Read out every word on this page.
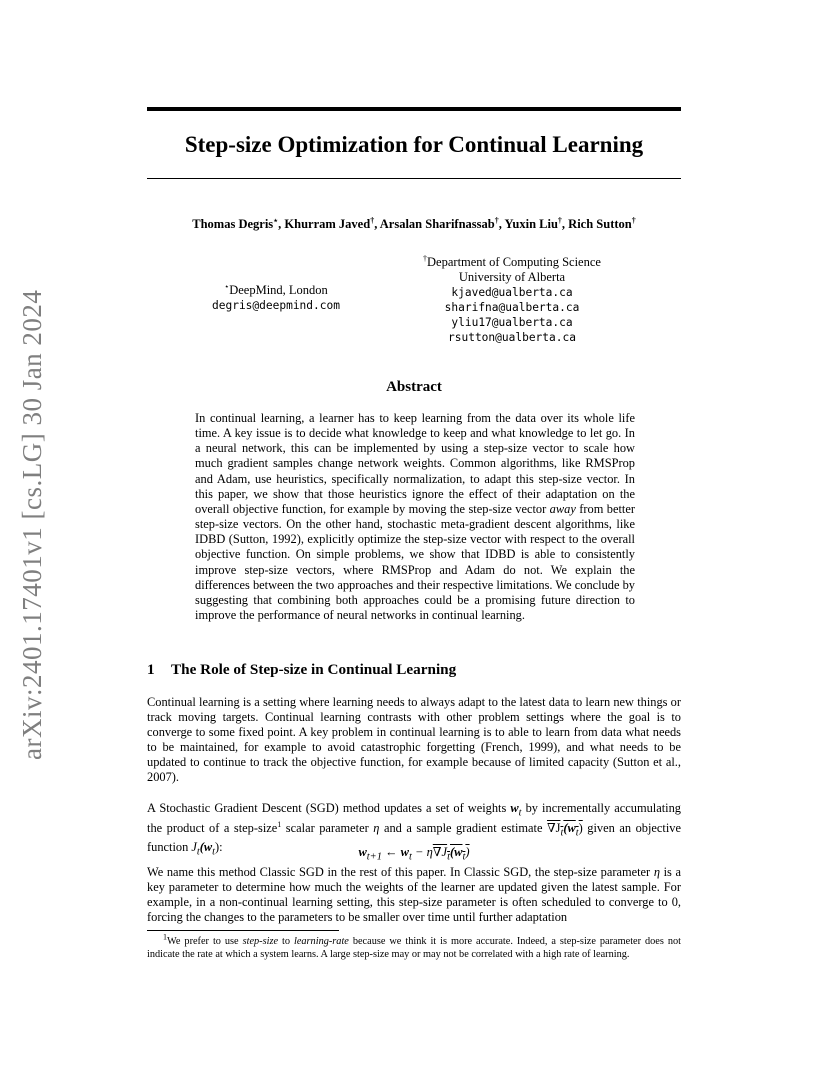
arXiv:2401.17401v1 [cs.LG] 30 Jan 2024
Step-size Optimization for Continual Learning
Thomas Degris⋆, Khurram Javed†, Arsalan Sharifnassab†, Yuxin Liu†, Rich Sutton†
⋆DeepMind, London
degris@deepmind.com
†Department of Computing Science
University of Alberta
kjaved@ualberta.ca
sharifna@ualberta.ca
yliu17@ualberta.ca
rsutton@ualberta.ca
Abstract
In continual learning, a learner has to keep learning from the data over its whole life time. A key issue is to decide what knowledge to keep and what knowledge to let go. In a neural network, this can be implemented by using a step-size vector to scale how much gradient samples change network weights. Common algorithms, like RMSProp and Adam, use heuristics, specifically normalization, to adapt this step-size vector. In this paper, we show that those heuristics ignore the effect of their adaptation on the overall objective function, for example by moving the step-size vector away from better step-size vectors. On the other hand, stochastic meta-gradient descent algorithms, like IDBD (Sutton, 1992), explicitly optimize the step-size vector with respect to the overall objective function. On simple problems, we show that IDBD is able to consistently improve step-size vectors, where RMSProp and Adam do not. We explain the differences between the two approaches and their respective limitations. We conclude by suggesting that combining both approaches could be a promising future direction to improve the performance of neural networks in continual learning.
1 The Role of Step-size in Continual Learning
Continual learning is a setting where learning needs to always adapt to the latest data to learn new things or track moving targets. Continual learning contrasts with other problem settings where the goal is to converge to some fixed point. A key problem in continual learning is to able to learn from data what needs to be maintained, for example to avoid catastrophic forgetting (French, 1999), and what needs to be updated to continue to track the objective function, for example because of limited capacity (Sutton et al., 2007).
A Stochastic Gradient Descent (SGD) method updates a set of weights $w_t$ by incrementally accumulating the product of a step-size$^1$ scalar parameter η and a sample gradient estimate $\nabla J_t(w_t)$ given an objective function $J_t(w_t)$:	$w_{t+1}$ ← $w_t - \eta\nabla J_t(w_t)$
We name this method Classic SGD in the rest of this paper. In Classic SGD, the step-size parameter η is a key parameter to determine how much the weights of the learner are updated given the latest sample. For example, in a non-continual learning setting, this step-size parameter is often scheduled to converge to 0, forcing the changes to the parameters to be smaller over time until further adaptation
$^1$We prefer to use step-size to learning-rate because we think it is more accurate. Indeed, a step-size parameter does not indicate the rate at which a system learns. A large step-size may or may not be correlated with a high rate of learning.
